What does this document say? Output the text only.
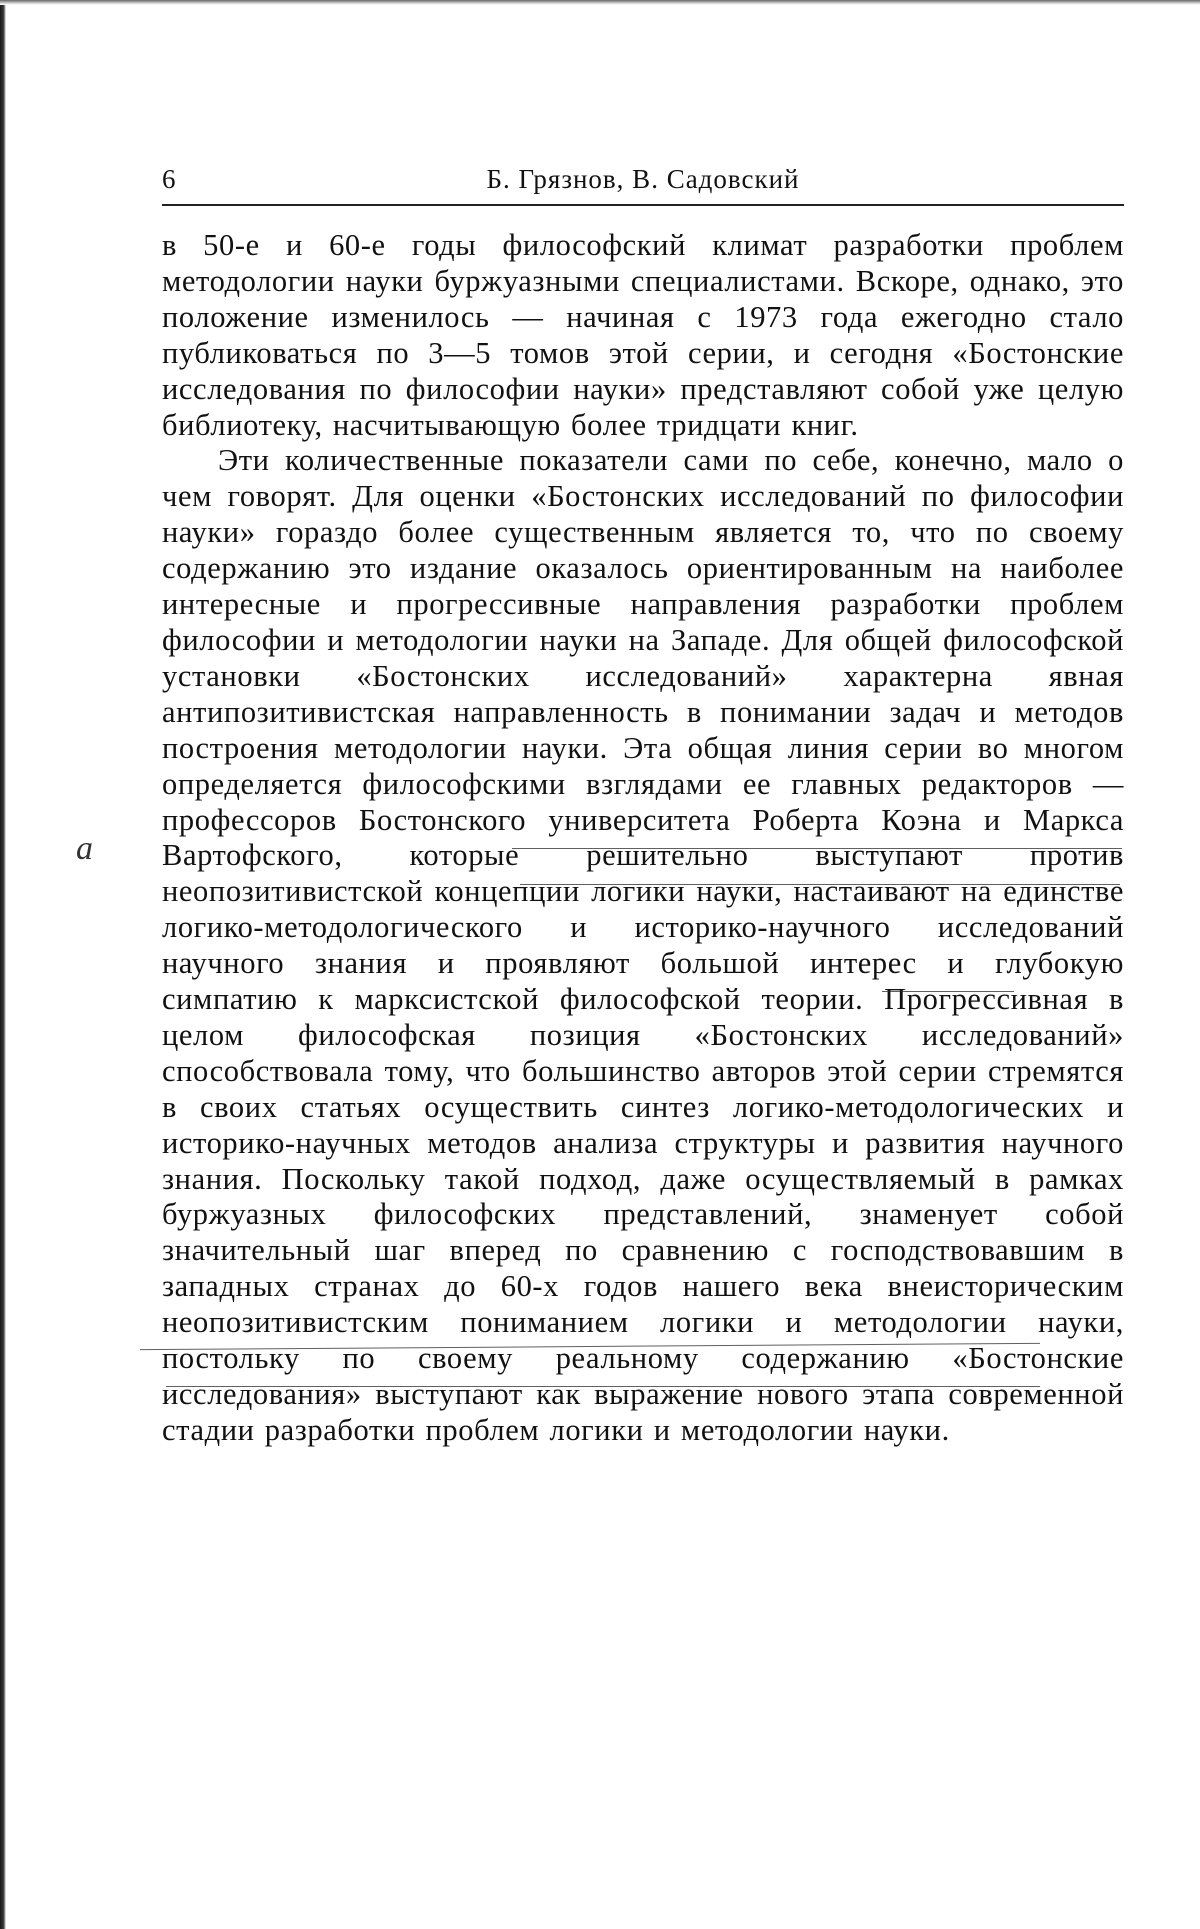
6	Б. Грязнов, В. Садовский

в 50-е и 60-е годы философский климат разработки проблем методологии науки буржуазными специалистами. Вскоре, однако, это положение изменилось — начиная с 1973 года ежегодно стало публиковаться по 3—5 томов этой серии, и сегодня «Бостонские исследования по философии науки» представляют собой уже целую библиотеку, насчитывающую более тридцати книг.

Эти количественные показатели сами по себе, конечно, мало о чем говорят. Для оценки «Бостонских исследований по философии науки» гораздо более существенным является то, что по своему содержанию это издание оказалось ориентированным на наиболее интересные и прогрессивные направления разработки проблем философии и методологии науки на Западе. Для общей философской установки «Бостонских исследований» характерна явная антипозитивистская направленность в понимании задач и методов построения методологии науки. Эта общая линия серии во многом определяется философскими взглядами ее главных редакторов — профессоров Бостонского университета Роберта Коэна и Маркса Вартофского, которые решительно выступают против неопозитивистской концепции логики науки, настаивают на единстве логико-методологического и историко-научного исследований научного знания и проявляют большой интерес и глубокую симпатию к марксистской философской теории. Прогрессивная в целом философская позиция «Бостонских исследований» способствовала тому, что большинство авторов этой серии стремятся в своих статьях осуществить синтез логико-методологических и историко-научных методов анализа структуры и развития научного знания. Поскольку такой подход, даже осуществляемый в рамках буржуазных философских представлений, знаменует собой значительный шаг вперед по сравнению с господствовавшим в западных странах до 60-х годов нашего века внеисторическим неопозитивистским пониманием логики и методологии науки, постольку по своему реальному содержанию «Бостонские исследования» выступают как выражение нового этапа современной стадии разработки проблем логики и методологии науки.

a
